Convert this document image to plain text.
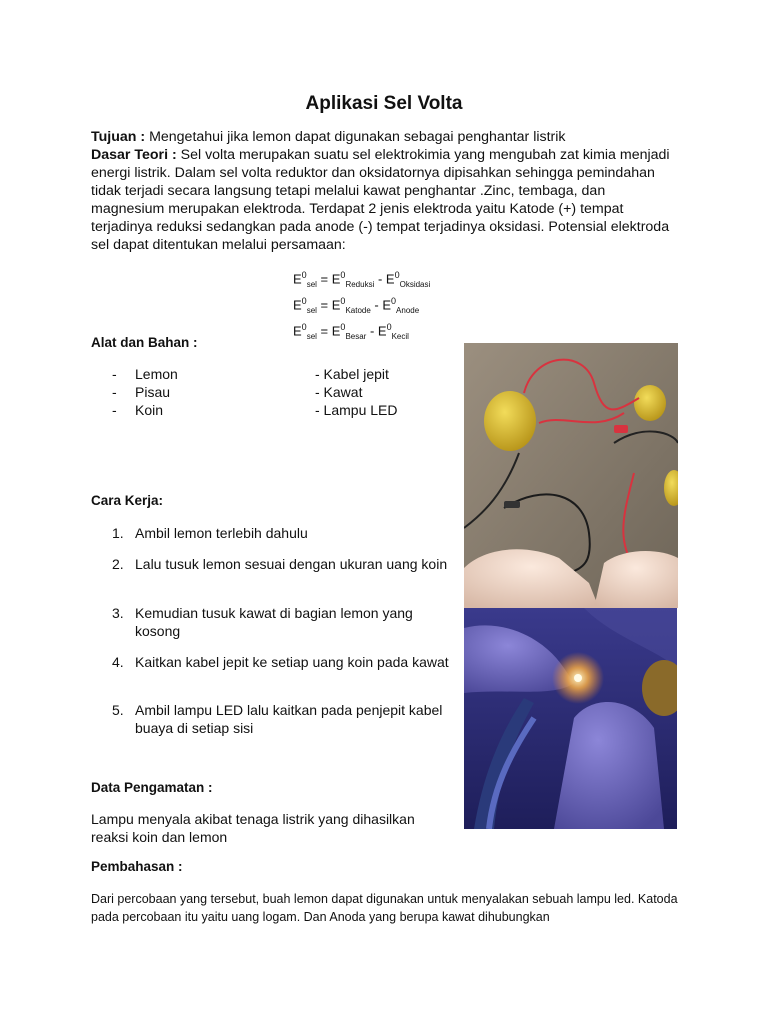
Aplikasi Sel Volta

Tujuan : Mengetahui jika lemon dapat digunakan sebagai penghantar listrik

Dasar Teori : Sel volta merupakan suatu sel elektrokimia yang mengubah zat kimia menjadi energi listrik. Dalam sel volta reduktor dan oksidatornya dipisahkan sehingga pemindahan tidak terjadi secara langsung tetapi melalui kawat penghantar .Zinc, tembaga, dan magnesium merupakan elektroda. Terdapat 2 jenis elektroda yaitu Katode (+) tempat terjadinya reduksi sedangkan pada anode (-) tempat terjadinya oksidasi. Potensial elektroda sel dapat ditentukan melalui persamaan:

$E^0_{sel} = E^0_{Reduksi} - E^0_{Oksidasi}$
$E^0_{sel} = E^0_{Katode} - E^0_{Anode}$
$E^0_{sel} = E^0_{Besar} - E^0_{Kecil}$
Alat dan Bahan :
- Lemon
- Pisau
- Koin
- Kabel jepit
- Kawat
- Lampu LED
Cara Kerja:
1. Ambil lemon terlebih dahulu
2. Lalu tusuk lemon sesuai dengan ukuran uang koin
3. Kemudian tusuk kawat di bagian lemon yang kosong
4. Kaitkan kabel jepit ke setiap uang koin pada kawat
5. Ambil lampu LED lalu kaitkan pada penjepit kabel buaya di setiap sisi
Data Pengamatan :

Lampu menyala akibat tenaga listrik yang dihasilkan reaksi koin dan lemon

Pembahasan :

Dari percobaan yang tersebut, buah lemon dapat digunakan untuk menyalakan sebuah lampu led. Katoda pada percobaan itu yaitu uang logam. Dan Anoda yang berupa kawat dihubungkan
